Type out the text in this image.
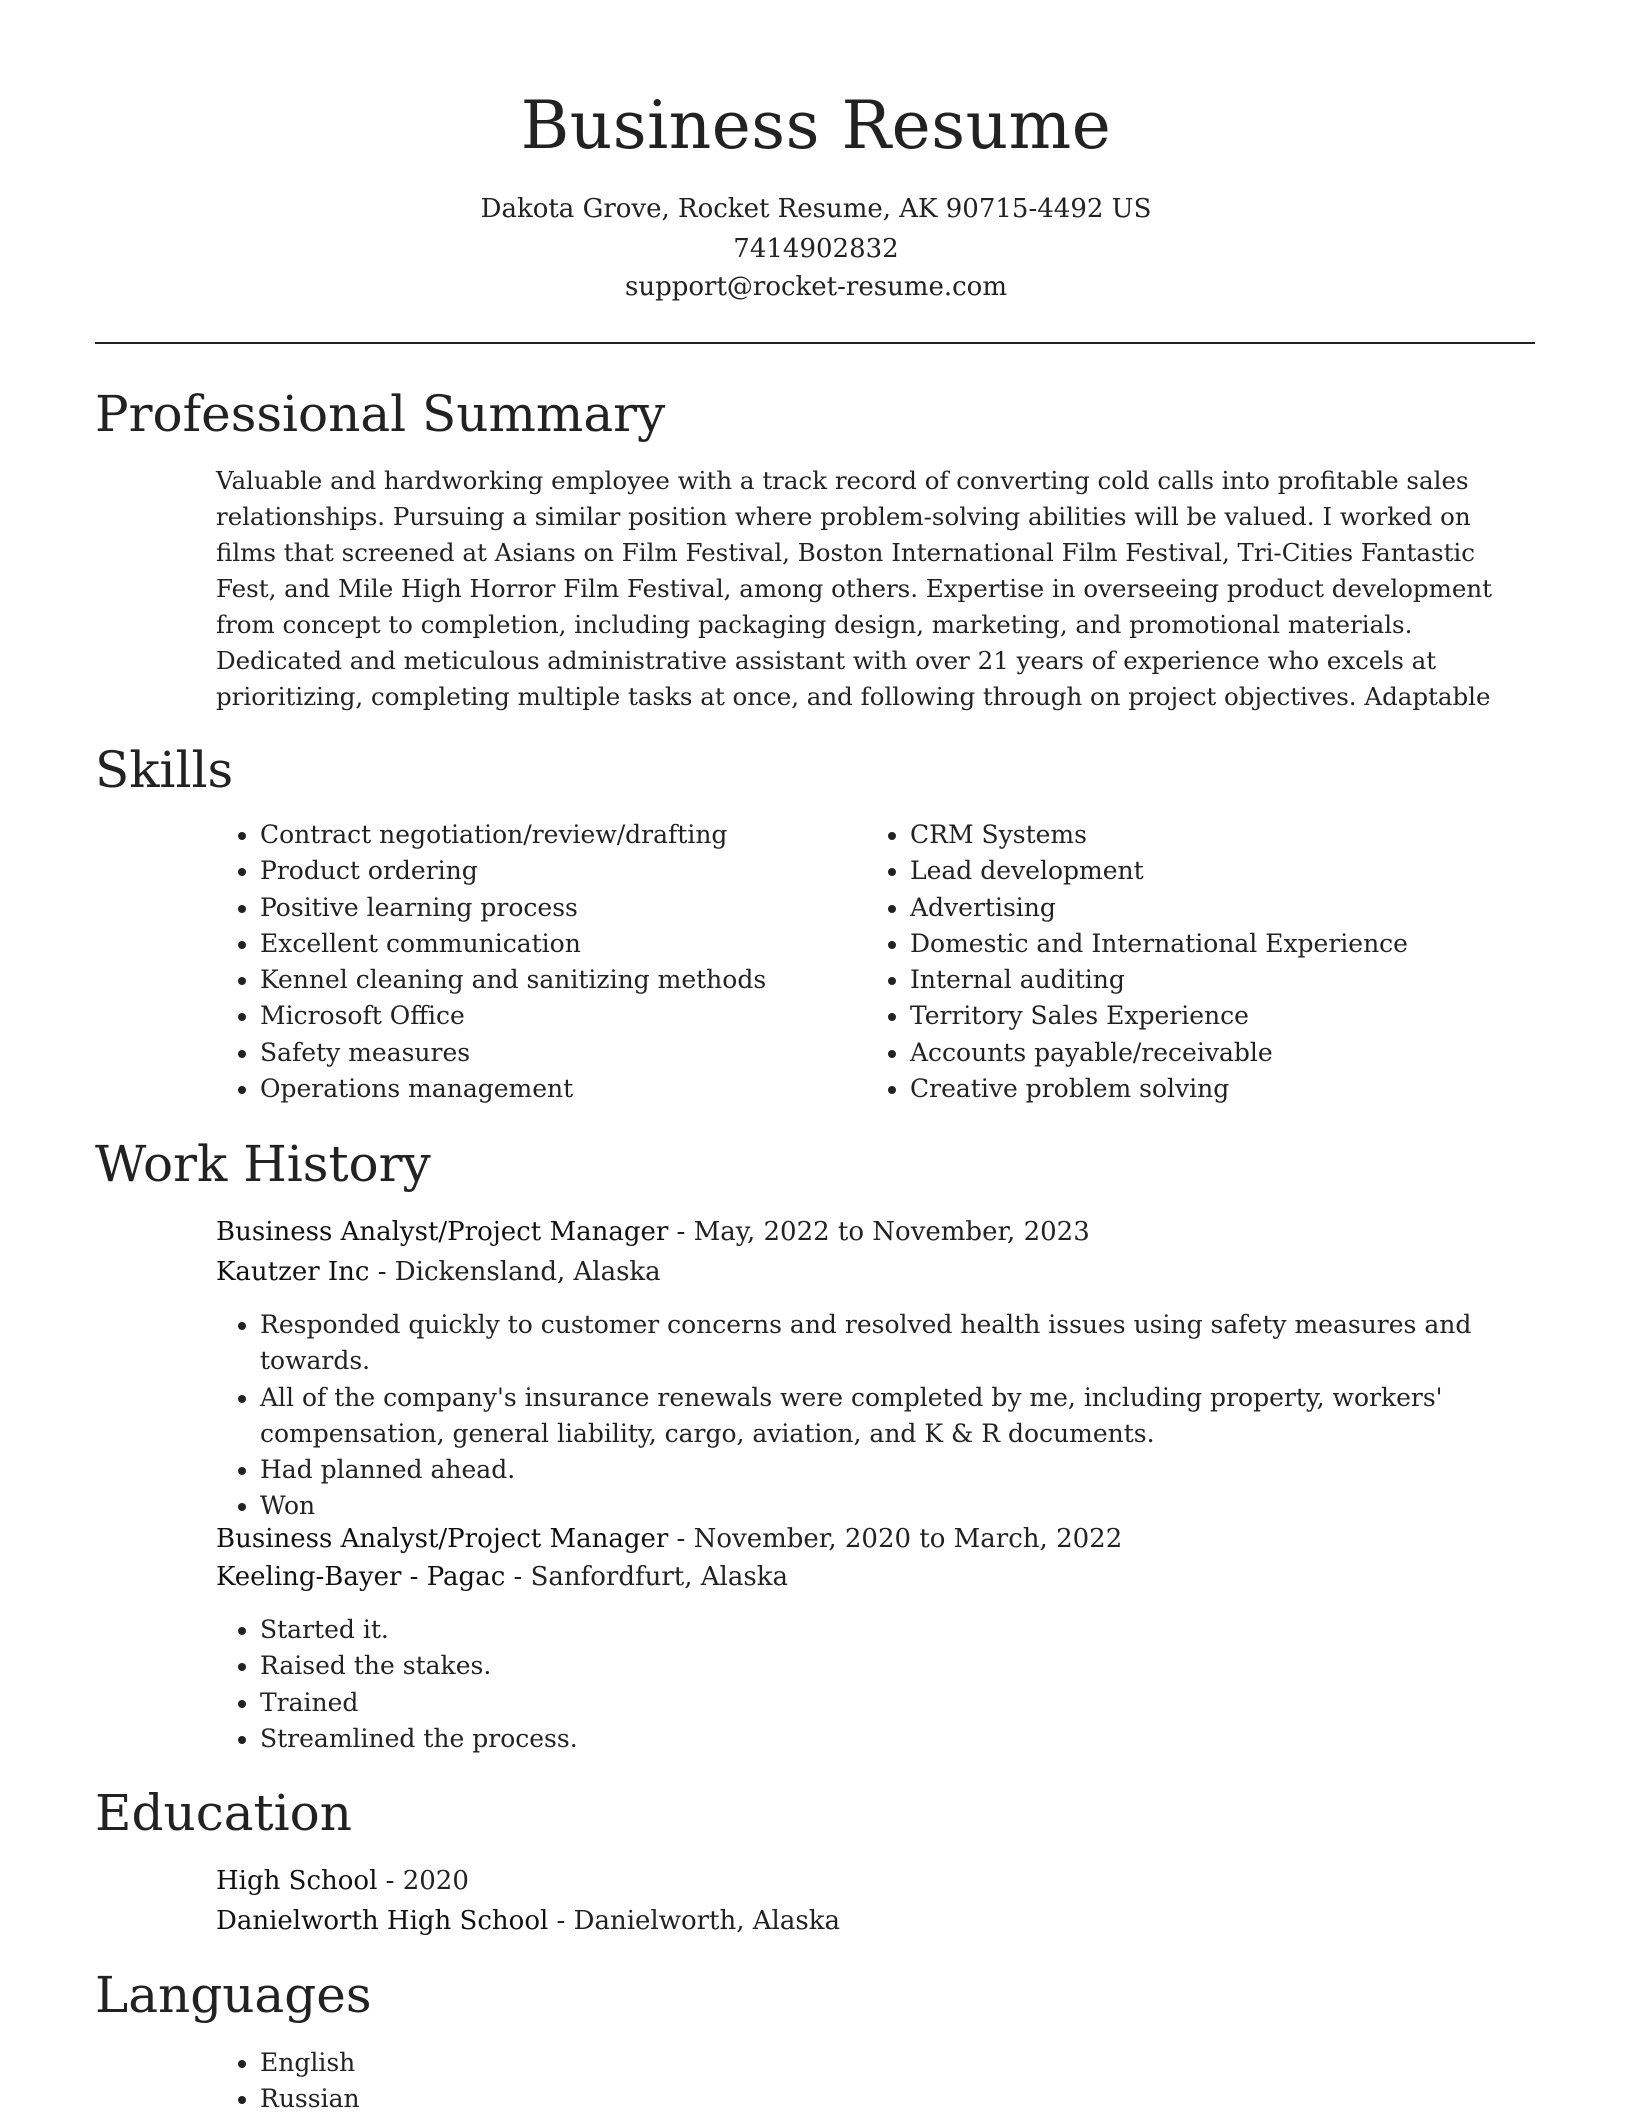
Business Resume
Dakota Grove, Rocket Resume, AK 90715-4492 US
7414902832
support@rocket-resume.com
Professional Summary

Valuable and hardworking employee with a track record of converting cold calls into profitable sales relationships. Pursuing a similar position where problem-solving abilities will be valued. I worked on films that screened at Asians on Film Festival, Boston International Film Festival, Tri-Cities Fantastic Fest, and Mile High Horror Film Festival, among others. Expertise in overseeing product development from concept to completion, including packaging design, marketing, and promotional materials. Dedicated and meticulous administrative assistant with over 21 years of experience who excels at prioritizing, completing multiple tasks at once, and following through on project objectives. Adaptable

Skills
• Contract negotiation/review/drafting
• Product ordering
• Positive learning process
• Excellent communication
• Kennel cleaning and sanitizing methods
• Microsoft Office
• Safety measures
• Operations management
• CRM Systems
• Lead development
• Advertising
• Domestic and International Experience
• Internal auditing
• Territory Sales Experience
• Accounts payable/receivable
• Creative problem solving
Work History
Business Analyst/Project Manager - May, 2022 to November, 2023
Kautzer Inc - Dickensland, Alaska
• Responded quickly to customer concerns and resolved health issues using safety measures and towards.
• All of the company's insurance renewals were completed by me, including property, workers' compensation, general liability, cargo, aviation, and K & R documents.
• Had planned ahead.
• Won
Business Analyst/Project Manager - November, 2020 to March, 2022
Keeling-Bayer - Pagac - Sanfordfurt, Alaska
• Started it.
• Raised the stakes.
• Trained
• Streamlined the process.
Education
High School - 2020
Danielworth High School - Danielworth, Alaska
Languages
• English
• Russian
